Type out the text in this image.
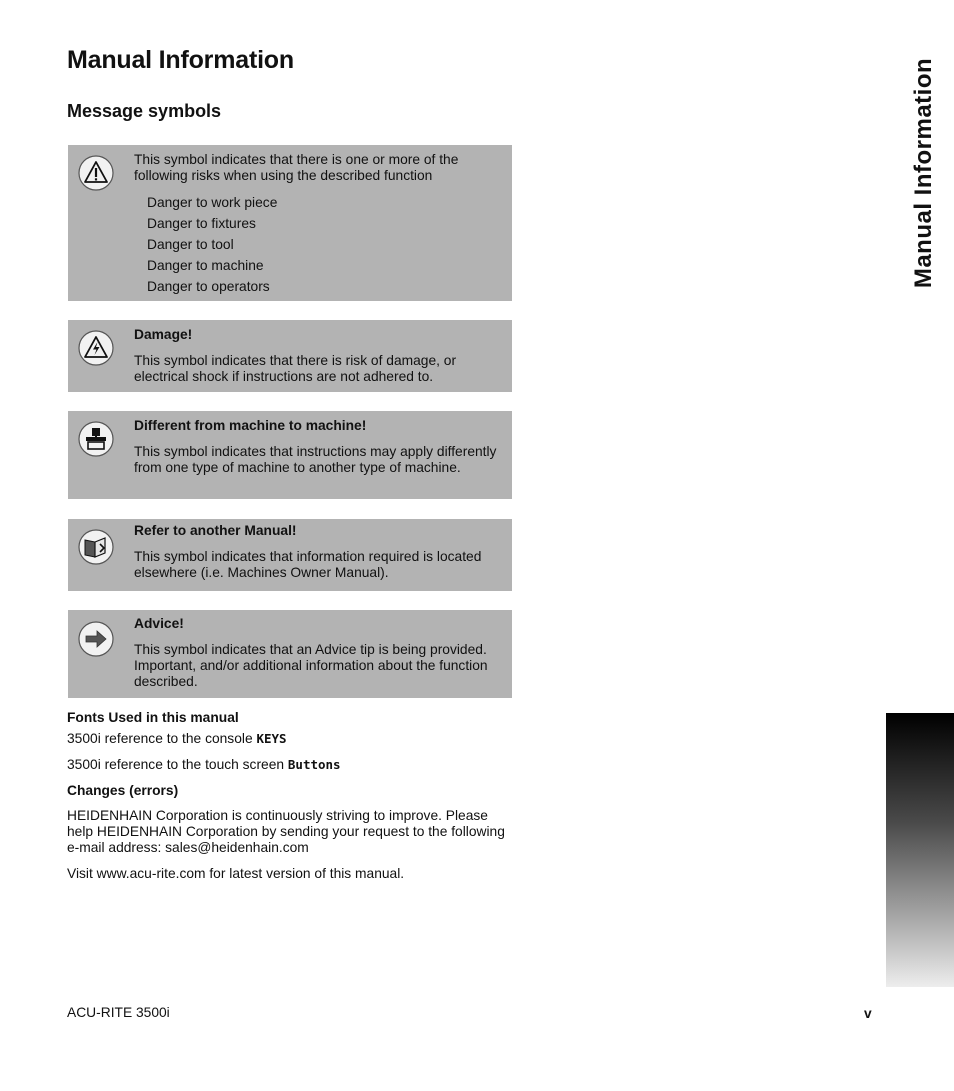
Manual Information
Message symbols

This symbol indicates that there is one or more of the following risks when using the described function

Danger to work piece
Danger to fixtures
Danger to tool
Danger to machine
Danger to operators

Damage!

This symbol indicates that there is risk of damage, or electrical shock if instructions are not adhered to.

Different from machine to machine!

This symbol indicates that instructions may apply differently from one type of machine to another type of machine.

Refer to another Manual!

This symbol indicates that information required is located elsewhere (i.e. Machines Owner Manual).

Advice!

This symbol indicates that an Advice tip is being provided. Important, and/or additional information about the function described.

Fonts Used in this manual
3500i reference to the console KEYS
3500i reference to the touch screen Buttons
Changes (errors)
HEIDENHAIN Corporation is continuously striving to improve. Please help HEIDENHAIN Corporation by sending your request to the following e-mail address: sales@heidenhain.com
Visit www.acu-rite.com for latest version of this manual.
Manual Information
ACU-RITE 3500i	v
